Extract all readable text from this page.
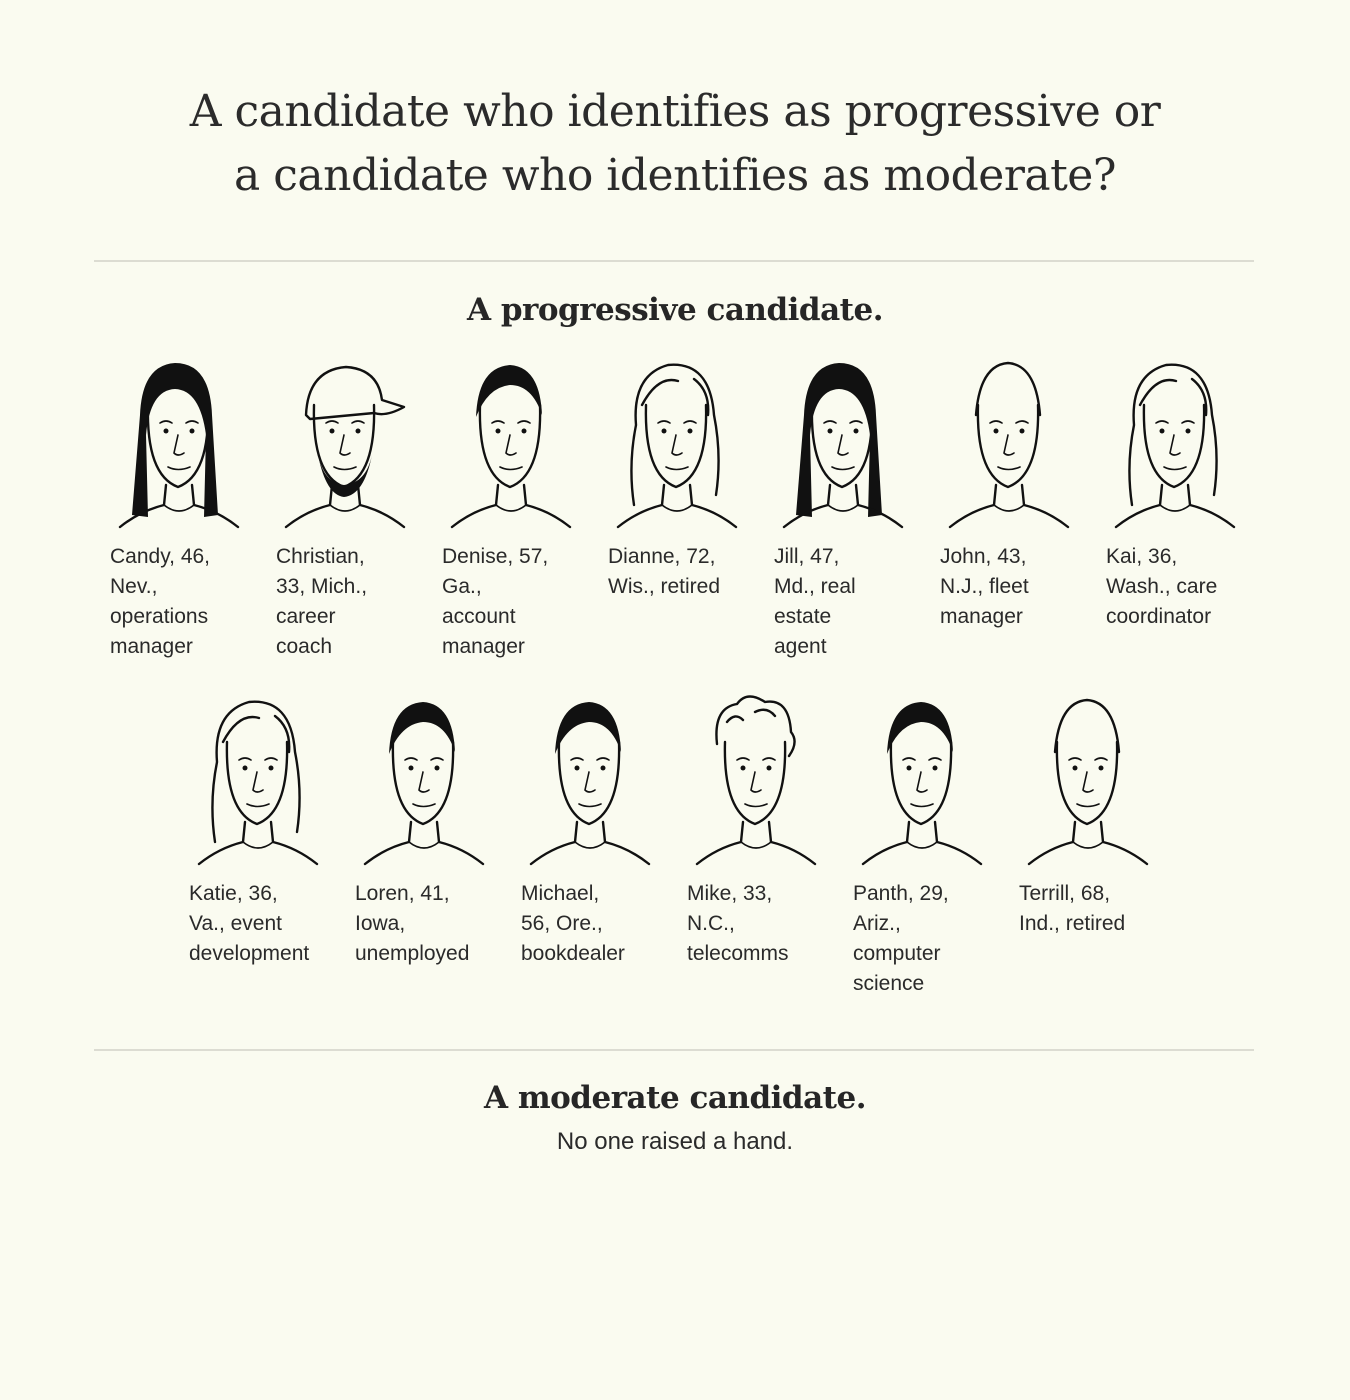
A candidate who identifies as progressive or
a candidate who identifies as moderate?
A progressive candidate.
Candy, 46,
Nev.,
operations
manager
Christian,
33, Mich.,
career
coach
Denise, 57,
Ga.,
account
manager
Dianne, 72,
Wis., retired
Jill, 47,
Md., real
estate
agent
John, 43,
N.J., fleet
manager
Kai, 36,
Wash., care
coordinator
Katie, 36,
Va., event
development
Loren, 41,
Iowa,
unemployed
Michael,
56, Ore.,
bookdealer
Mike, 33,
N.C.,
telecomms
Panth, 29,
Ariz.,
computer
science
Terrill, 68,
Ind., retired
A moderate candidate.
No one raised a hand.
